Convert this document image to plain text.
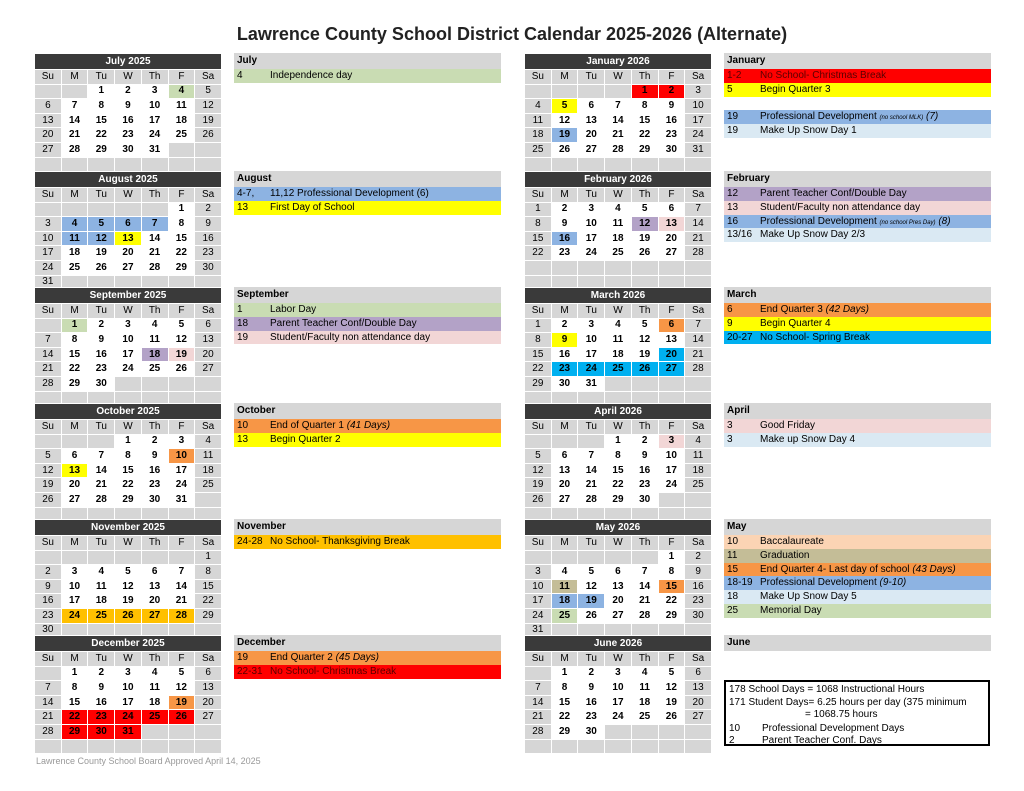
Lawrence County School District Calendar 2025-2026 (Alternate)
July 2025						
Su	M	Tu	W	Th	F	Sa
		1	2	3	4	5
6	7	8	9	10	11	12
13	14	15	16	17	18	19
20	21	22	23	24	25	26
27	28	29	30	31		

August 2025						
Su	M	Tu	W	Th	F	Sa
					1	2
3	4	5	6	7	8	9
10	11	12	13	14	15	16
17	18	19	20	21	22	23
24	25	26	27	28	29	30
31						
September 2025						
Su	M	Tu	W	Th	F	Sa
	1	2	3	4	5	6
7	8	9	10	11	12	13
14	15	16	17	18	19	20
21	22	23	24	25	26	27
28	29	30				

October 2025						
Su	M	Tu	W	Th	F	Sa
			1	2	3	4
5	6	7	8	9	10	11
12	13	14	15	16	17	18
19	20	21	22	23	24	25
26	27	28	29	30	31	

November 2025						
Su	M	Tu	W	Th	F	Sa
						1
2	3	4	5	6	7	8
9	10	11	12	13	14	15
16	17	18	19	20	21	22
23	24	25	26	27	28	29
30						
December 2025						
Su	M	Tu	W	Th	F	Sa
	1	2	3	4	5	6
7	8	9	10	11	12	13
14	15	16	17	18	19	20
21	22	23	24	25	26	27
28	29	30	31			

January 2026						
Su	M	Tu	W	Th	F	Sa
				1	2	3
4	5	6	7	8	9	10
11	12	13	14	15	16	17
18	19	20	21	22	23	24
25	26	27	28	29	30	31

February 2026						
Su	M	Tu	W	Th	F	Sa
1	2	3	4	5	6	7
8	9	10	11	12	13	14
15	16	17	18	19	20	21
22	23	24	25	26	27	28

March 2026						
Su	M	Tu	W	Th	F	Sa
1	2	3	4	5	6	7
8	9	10	11	12	13	14
15	16	17	18	19	20	21
22	23	24	25	26	27	28
29	30	31				

April 2026						
Su	M	Tu	W	Th	F	Sa
			1	2	3	4
5	6	7	8	9	10	11
12	13	14	15	16	17	18
19	20	21	22	23	24	25
26	27	28	29	30		

May 2026						
Su	M	Tu	W	Th	F	Sa
					1	2
3	4	5	6	7	8	9
10	11	12	13	14	15	16
17	18	19	20	21	22	23
24	25	26	27	28	29	30
31						
June 2026						
Su	M	Tu	W	Th	F	Sa
	1	2	3	4	5	6
7	8	9	10	11	12	13
14	15	16	17	18	19	20
21	22	23	24	25	26	27
28	29	30				

July
4	Independence day
August
4-7, 11,12 Professional Development (6)
13 First Day of School
September
1	Labor Day
18 Parent Teacher Conf/Double Day
19 Student/Faculty non attendance day
October
10 End of Quarter 1 (41 Days)
13 Begin Quarter 2
November
24-28 No School- Thanksgiving Break
December
19 End Quarter 2 (45 Days)
22-31 No School- Christmas Break
January
1-2 No School- Christmas Break
5	Begin Quarter 3
19 Professional Development (no school MLK) (7)
19 Make Up Snow Day 1
February
12 Parent Teacher Conf/Double Day
13 Student/Faculty non attendance day
16 Professional Development (no school Pres Day) (8)
13/16 Make Up Snow Day 2/3
March
6	End Quarter 3 (42 Days)
9	Begin Quarter 4
20-27 No School- Spring Break
April
3	Good Friday
3	Make up Snow Day 4
May
10 Baccalaureate
11 Graduation
15 End Quarter 4- Last day of school (43 Days)
18-19 Professional Development (9-10)
18 Make Up Snow Day 5
25 Memorial Day
June
178 School Days = 1068 Instructional Hours
171 Student Days= 6.25 hours per day (375 minimum
= 1068.75 hours
10 Professional Development Days
2	Parent Teacher Conf. Days
Lawrence County School Board Approved April 14, 2025
